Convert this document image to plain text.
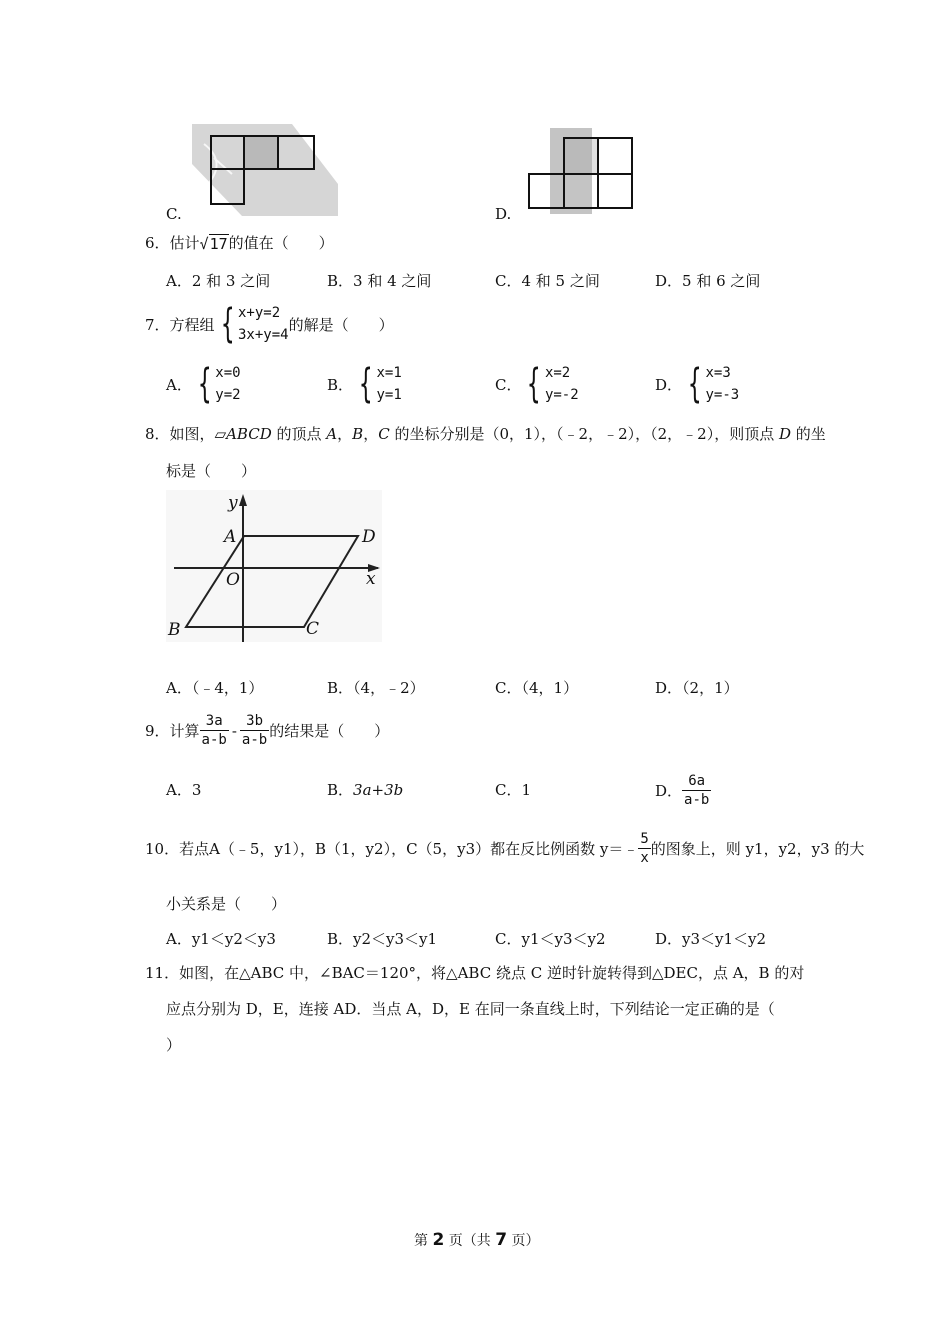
C.	D.
6．估计√17的值在（　　）
A．2 和 3 之间	B．3 和 4 之间	C．4 和 5 之间	D．5 和 6 之间
7．方程组 { x+y=2
3x+y=4
的解是（　　）
A． { x=0
y=2
B． { x=1
y=1
C． { x=2
y=-2
D． { x=3
y=-3
8．如图，▱ABCD 的顶点 A，B，C 的坐标分别是（0，1），（﹣2，﹣2），（2，﹣2），则顶点 D 的坐
标是（　　）
y
A	D
O	x
B	C
A．（﹣4，1）	B．（4，﹣2）	C．（4，1）	D．（2，1）
9．计算 $\frac{3a}{a-b} - \frac{3b}{a-b}$ 的结果是（　　）
A．3	B．3a+3b	C．1	D． $\frac{6a}{a-b}$
10．若点 A（﹣5，y1），B（1，y2），C（5，y3）都在反比例函数 y＝﹣ $\frac{5}{x}$ 的图象上，则 y1，y2，y3 的大
小关系是（　　）
A．y1＜y2＜y3	B．y2＜y3＜y1	C．y1＜y3＜y2	D．y3＜y1＜y2
11．如图，在△ABC 中，∠BAC＝120°，将△ABC 绕点 C 逆时针旋转得到△DEC，点 A，B 的对
应点分别为 D，E，连接 AD．当点 A，D，E 在同一条直线上时，下列结论一定正确的是（
）
第 2 页（共 7 页）
